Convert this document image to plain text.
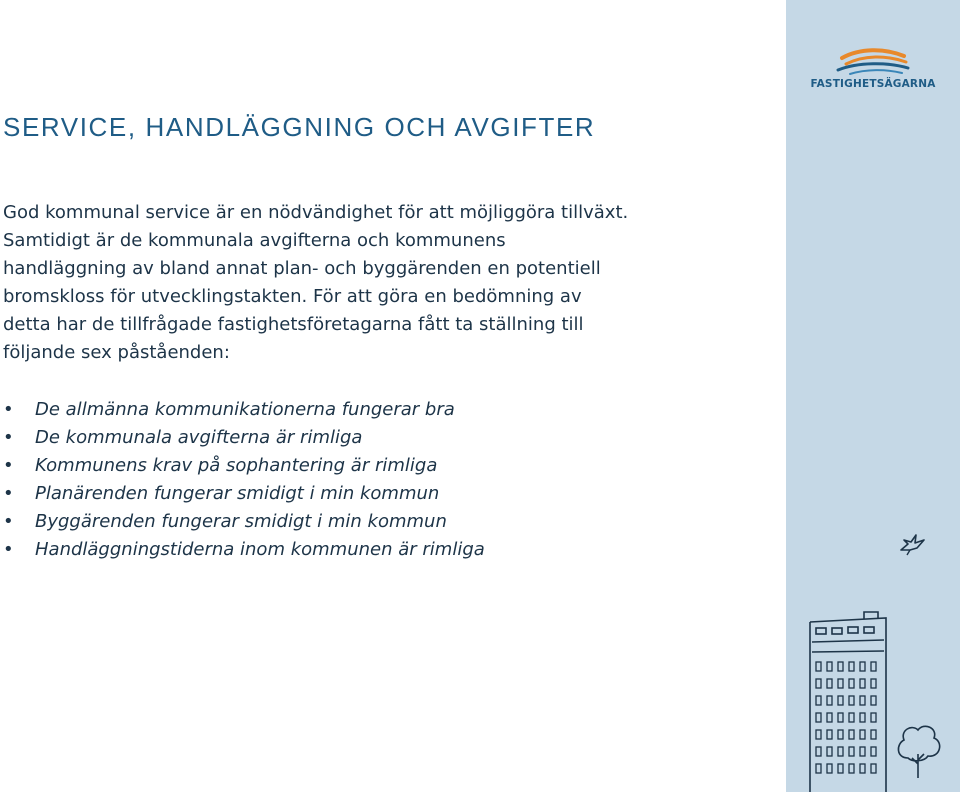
SERVICE, HANDLÄGGNING OCH AVGIFTER

God kommunal service är en nödvändighet för att möjliggöra tillväxt.

Samtidigt är de kommunala avgifterna och kommunens

handläggning av bland annat plan- och byggärenden en potentiell

bromskloss för utvecklingstakten. För att göra en bedömning av

detta har de tillfrågade fastighetsföretagarna fått ta ställning till

följande sex påståenden:

• De allmänna kommunikationerna fungerar bra
• De kommunala avgifterna är rimliga
• Kommunens krav på sophantering är rimliga
• Planärenden fungerar smidigt i min kommun
• Byggärenden fungerar smidigt i min kommun
• Handläggningstiderna inom kommunen är rimliga
FASTIGHETSÄGARNA
